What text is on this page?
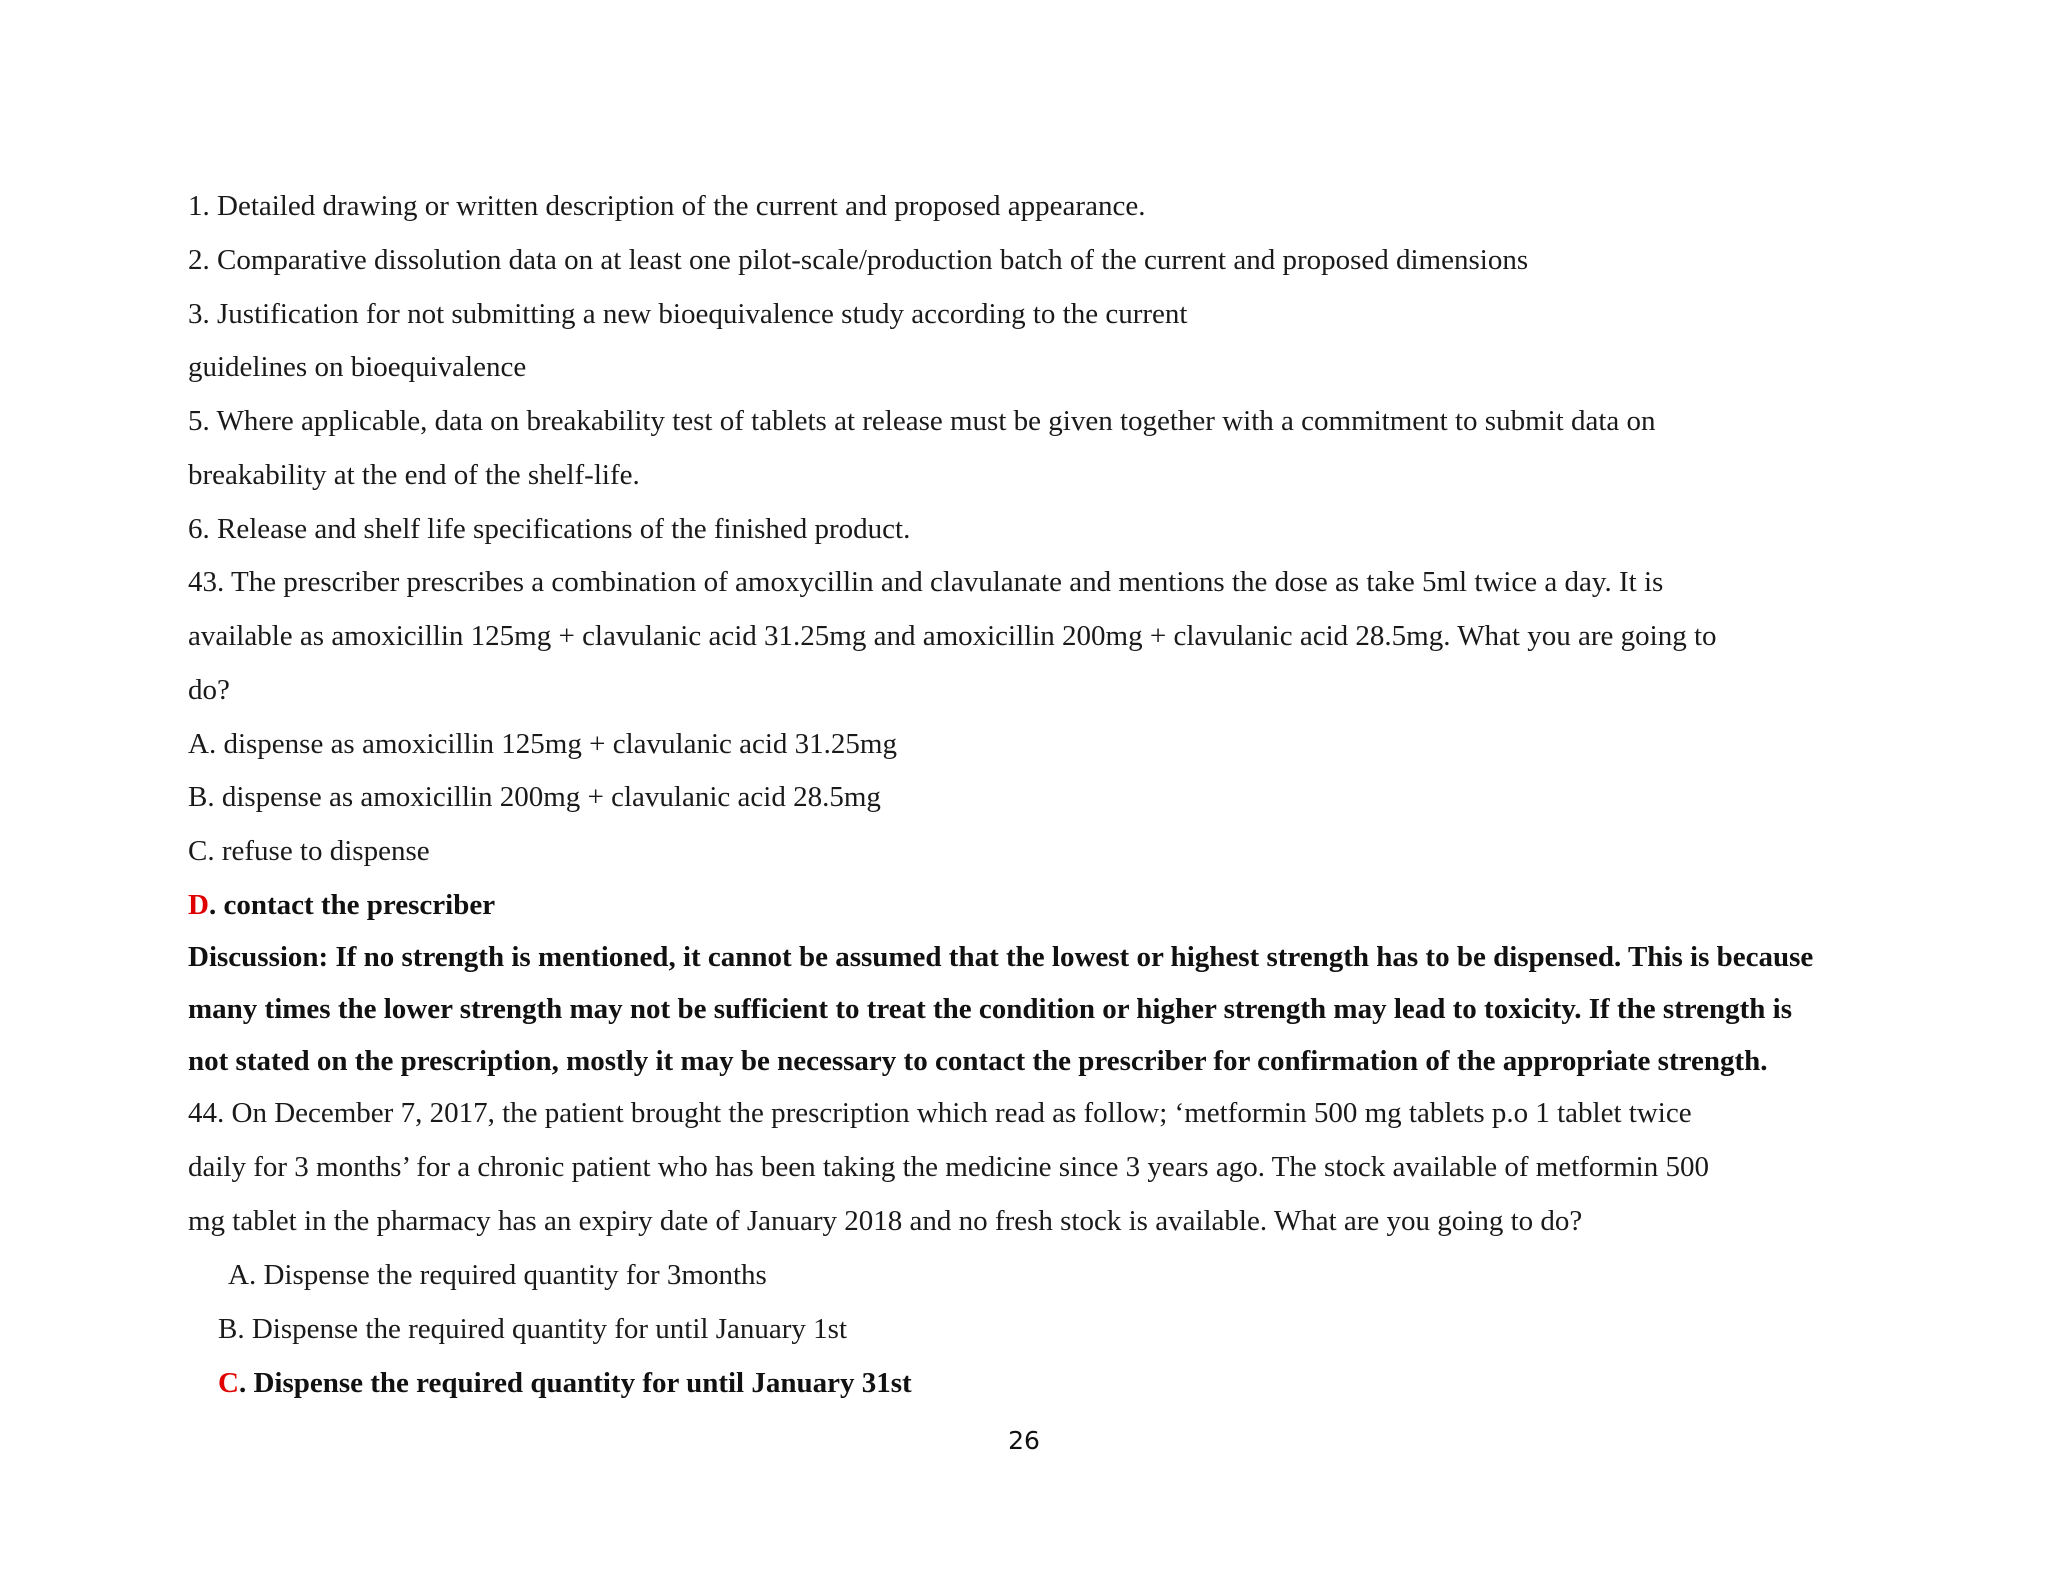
1. Detailed drawing or written description of the current and proposed appearance.
2. Comparative dissolution data on at least one pilot-scale/production batch of the current and proposed dimensions
3. Justification for not submitting a new bioequivalence study according to the current
guidelines on bioequivalence
5. Where applicable, data on breakability test of tablets at release must be given together with a commitment to submit data on
breakability at the end of the shelf-life.
6. Release and shelf life specifications of the finished product.
43. The prescriber prescribes a combination of amoxycillin and clavulanate and mentions the dose as take 5ml twice a day. It is
available as amoxicillin 125mg + clavulanic acid 31.25mg and amoxicillin 200mg + clavulanic acid 28.5mg. What you are going to
do?
A. dispense as amoxicillin 125mg + clavulanic acid 31.25mg
B. dispense as amoxicillin 200mg + clavulanic acid 28.5mg
C. refuse to dispense
D. contact the prescriber
Discussion: If no strength is mentioned, it cannot be assumed that the lowest or highest strength has to be dispensed. This is because
many times the lower strength may not be sufficient to treat the condition or higher strength may lead to toxicity. If the strength is
not stated on the prescription, mostly it may be necessary to contact the prescriber for confirmation of the appropriate strength.
44. On December 7, 2017, the patient brought the prescription which read as follow; ‘metformin 500 mg tablets p.o 1 tablet twice
daily for 3 months’ for a chronic patient who has been taking the medicine since 3 years ago. The stock available of metformin 500
mg tablet in the pharmacy has an expiry date of January 2018 and no fresh stock is available. What are you going to do?
A. Dispense the required quantity for 3months
B. Dispense the required quantity for until January 1st
C. Dispense the required quantity for until January 31st
26
